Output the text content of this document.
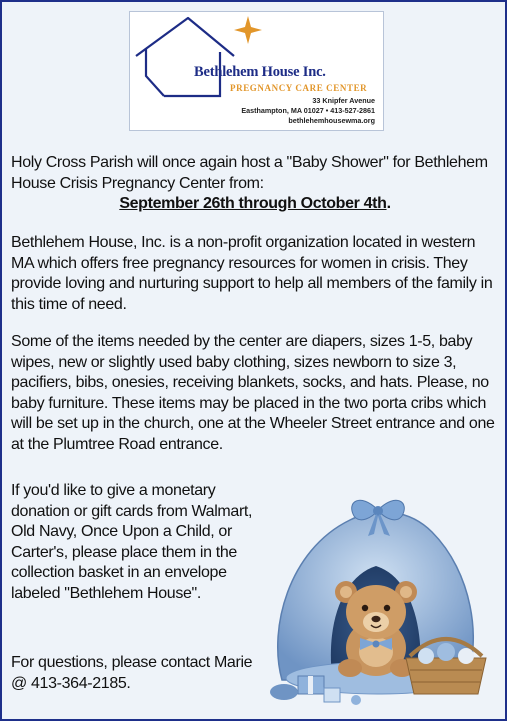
Bethlehem House Inc.
PREGNANCY CARE CENTER
33 Knipfer Avenue
Easthampton, MA 01027 • 413-527-2861
bethlehemhousewma.org

Holy Cross Parish will once again host a "Baby Shower" for Bethlehem House Crisis Pregnancy Center from:
September 26th through October 4th.

Bethlehem House, Inc. is a non-profit organization located in western MA which offers free pregnancy resources for women in crisis. They provide loving and nurturing support to help all members of the family in this time of need.

Some of the items needed by the center are diapers, sizes 1-5, baby wipes, new or slightly used baby clothing, sizes newborn to size 3, pacifiers, bibs, onesies, receiving blankets, socks, and hats. Please, no baby furniture. These items may be placed in the two porta cribs which will be set up in the church, one at the Wheeler Street entrance and one at the Plumtree Road entrance.

If you'd like to give a monetary donation or gift cards from Walmart, Old Navy, Once Upon a Child, or Carter's, please place them in the collection basket in an envelope labeled "Bethlehem House".

For questions, please contact Marie @ 413-364-2185.
